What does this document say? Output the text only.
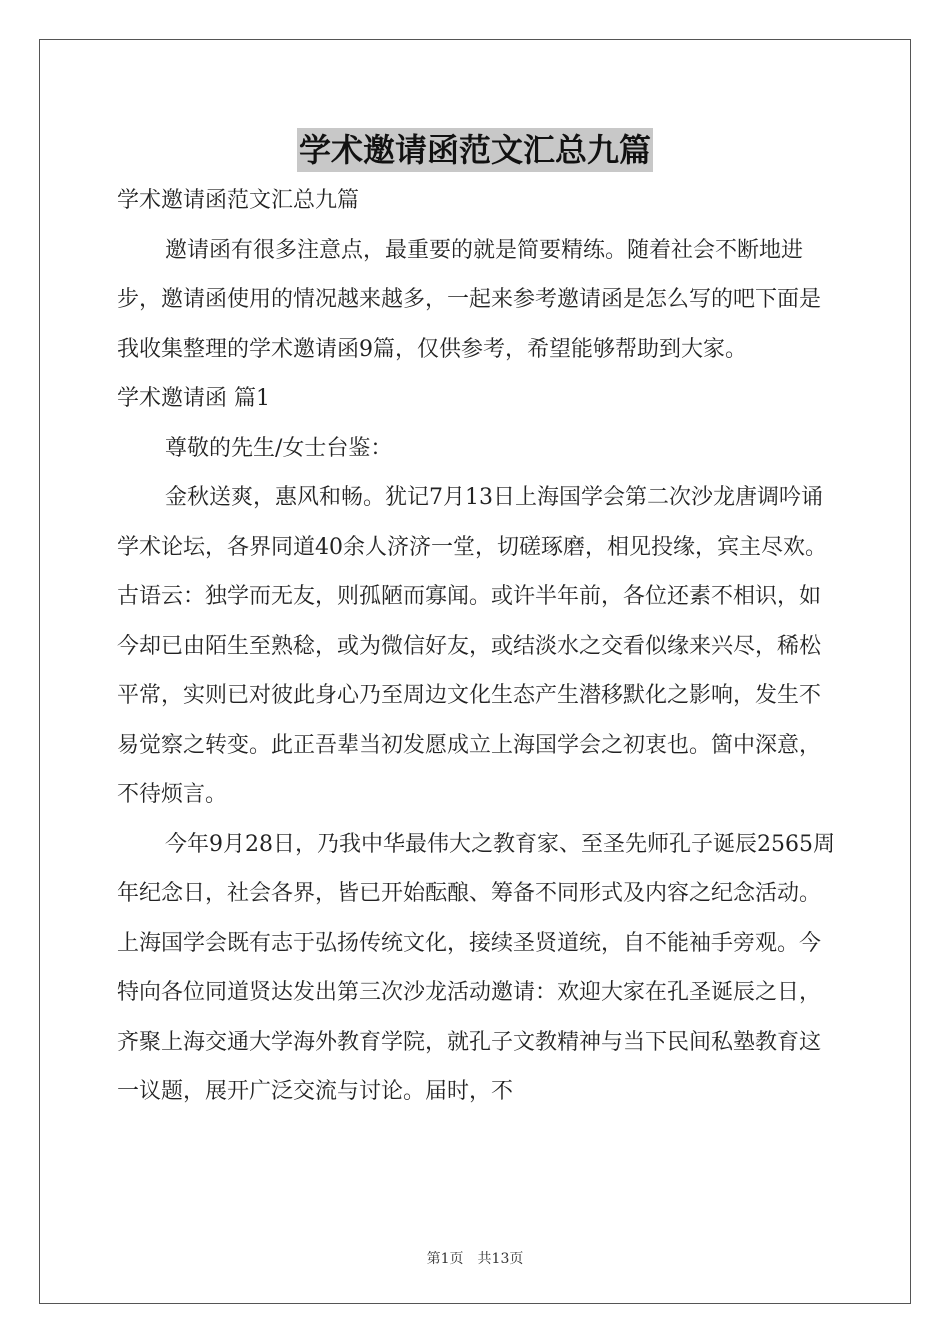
学术邀请函范文汇总九篇

学术邀请函范文汇总九篇

邀请函有很多注意点，最重要的就是简要精练。随着社会不断地进步，邀请函使用的情况越来越多，一起来参考邀请函是怎么写的吧下面是我收集整理的学术邀请函9篇，仅供参考，希望能够帮助到大家。

学术邀请函 篇1

尊敬的先生/女士台鉴：

金秋送爽，惠风和畅。犹记7月13日上海国学会第二次沙龙唐调吟诵学术论坛，各界同道40余人济济一堂，切磋琢磨，相见投缘，宾主尽欢。古语云：独学而无友，则孤陋而寡闻。或许半年前，各位还素不相识，如今却已由陌生至熟稔，或为微信好友，或结淡水之交看似缘来兴尽，稀松平常，实则已对彼此身心乃至周边文化生态产生潜移默化之影响，发生不易觉察之转变。此正吾辈当初发愿成立上海国学会之初衷也。箇中深意，不待烦言。

今年9月28日，乃我中华最伟大之教育家、至圣先师孔子诞辰2565周年纪念日，社会各界，皆已开始酝酿、筹备不同形式及内容之纪念活动。上海国学会既有志于弘扬传统文化，接续圣贤道统，自不能袖手旁观。今特向各位同道贤达发出第三次沙龙活动邀请：欢迎大家在孔圣诞辰之日，齐聚上海交通大学海外教育学院，就孔子文教精神与当下民间私塾教育这一议题，展开广泛交流与讨论。届时，不

第1页 共13页
